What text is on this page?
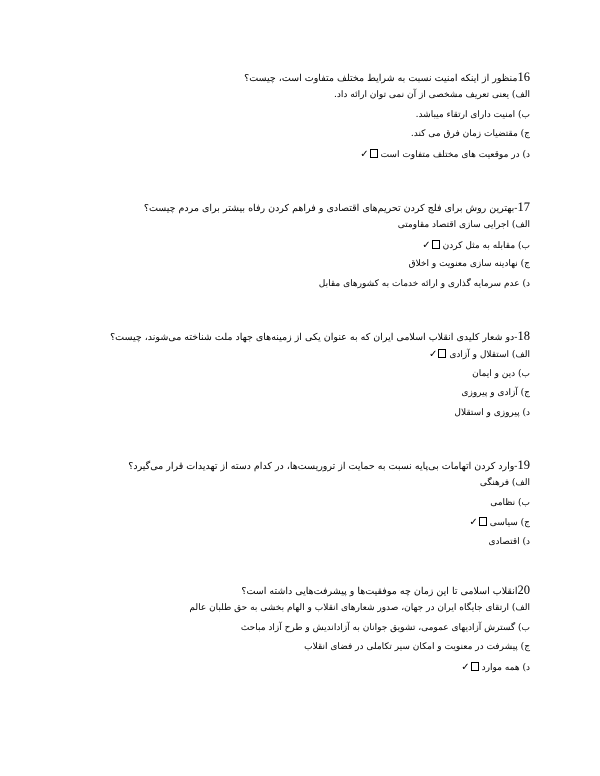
16منظور از اینکه امنیت نسبت به شرایط مختلف متفاوت است، چیست؟
الف) یعنی تعریف مشخصی از آن نمی توان ارائه داد.
ب) امنیت دارای ارتقاء میباشد.
ج) مقتضیات زمان فرق می کند.
د) در موقعیت های مختلف متفاوت است✓
17-بهترین روش برای فلج کردن تحریم‌های اقتصادی و فراهم کردن رفاه بیشتر برای مردم چیست؟
الف) اجرایی سازی اقتصاد مقاومتی
ب) مقابله به مثل کردن✓
ج) نهادینه سازی معنویت و اخلاق
د) عدم سرمایه گذاری و ارائه خدمات به کشورهای مقابل
18-دو شعار کلیدی انقلاب اسلامی ایران که به عنوان یکی از زمینه‌های جهاد ملت شناخته می‌شوند، چیست؟
الف) استقلال و آزادی✓
ب) دین و ایمان
ج) آزادی و پیروزی
د) پیروزی و استقلال
19-وارد کردن اتهامات بی‌پایه نسبت به حمایت از تروریست‌ها، در کدام دسته از تهدیدات قرار می‌گیرد؟
الف) فرهنگی
ب) نظامی
ج) سیاسی✓
د) اقتصادی
20انقلاب اسلامی تا این زمان چه موفقیت‌ها و پیشرفت‌هایی داشته است؟
الف) ارتقای جایگاه ایران در جهان، صدور شعارهای انقلاب و الهام بخشی به حق طلبان عالم
ب) گسترش آزادیهای عمومی، تشویق جوانان به آزاداندیش و طرح آزاد مباحث
ج) پیشرفت در معنویت و امکان سیر تکاملی در فضای انقلاب
د) همه موارد✓
